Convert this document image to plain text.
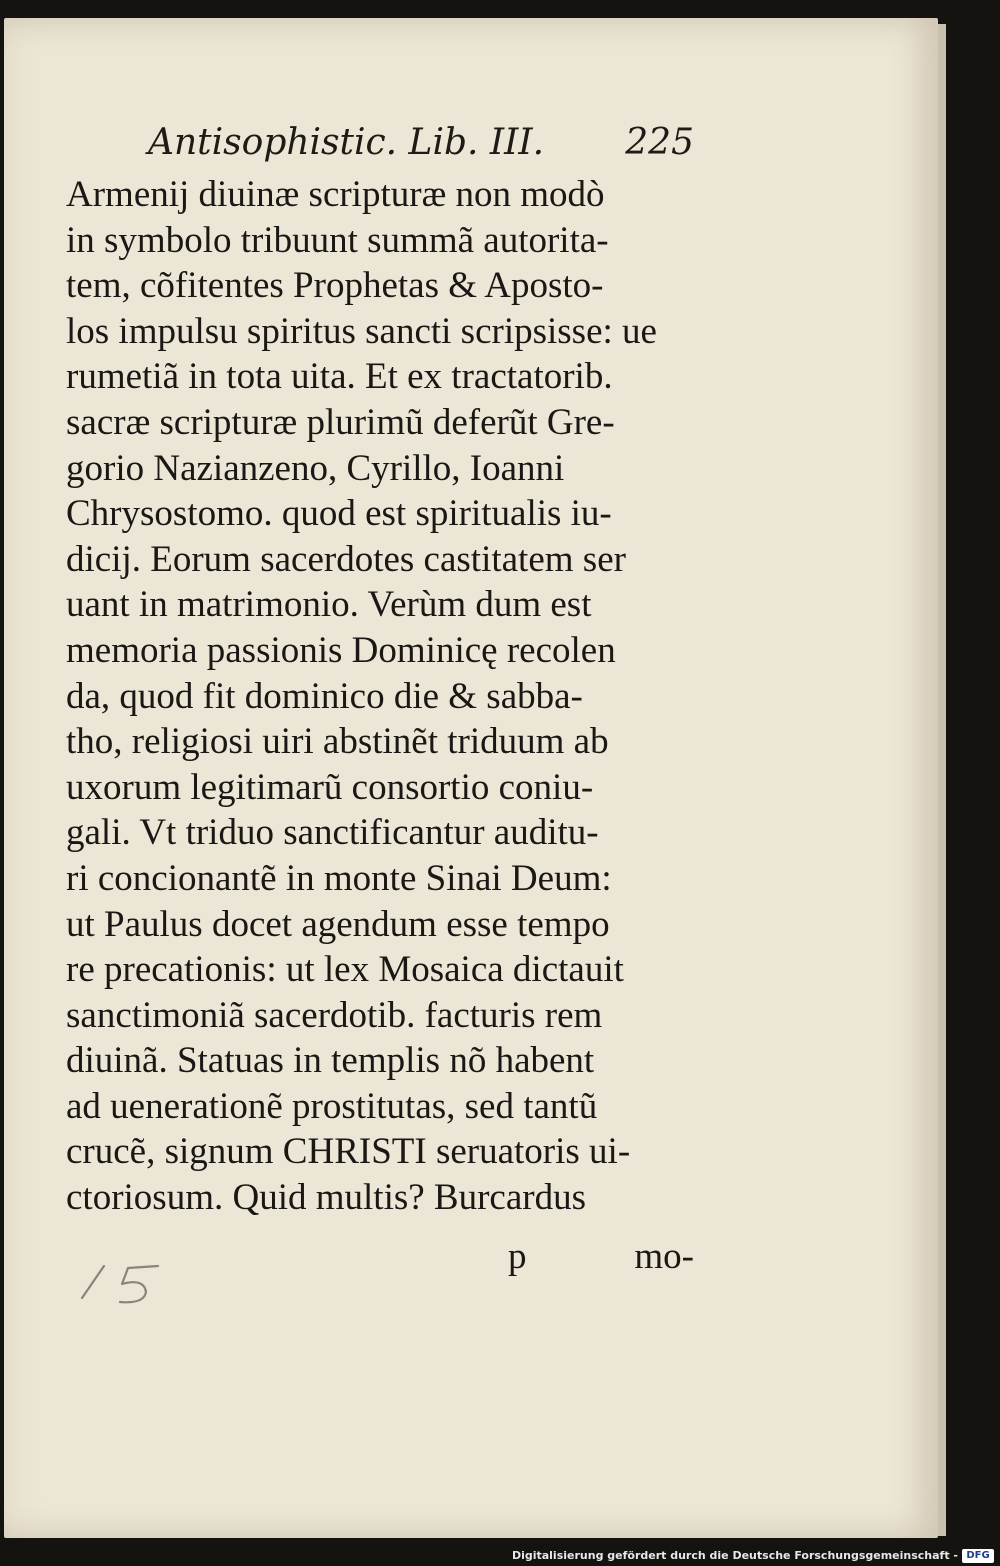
Antisophistic. Lib. III. 225
Armenij diuinæ scripturæ non modò
in symbolo tribuunt summã autorita-
tem, cõfitentes Prophetas & Aposto-
los impulsu spiritus sancti scripsisse: ue
rumetiã in tota uita. Et ex tractatorib.
sacræ scripturæ plurimũ deferũt Gre-
gorio Nazianzeno, Cyrillo, Ioanni
Chrysostomo. quod est spiritualis iu-
dicij. Eorum sacerdotes castitatem ser
uant in matrimonio. Verùm dum est
memoria passionis Dominicę recolen
da, quod fit dominico die & sabba-
tho, religiosi uiri abstinẽt triduum ab
uxorum legitimarũ consortio coniu-
gali. Vt triduo sanctificantur auditu-
ri concionantẽ in monte Sinai Deum:
ut Paulus docet agendum esse tempo
re precationis: ut lex Mosaica dictauit
sanctimoniã sacerdotib. facturis rem
diuinã. Statuas in templis nõ habent
ad uenerationẽ prostitutas, sed tantũ
crucẽ, signum CHRISTI seruatoris ui-
ctoriosum. Quid multis? Burcardus
p	mo-
Digitalisierung gefördert durch die Deutsche Forschungsgemeinschaft - DFG
